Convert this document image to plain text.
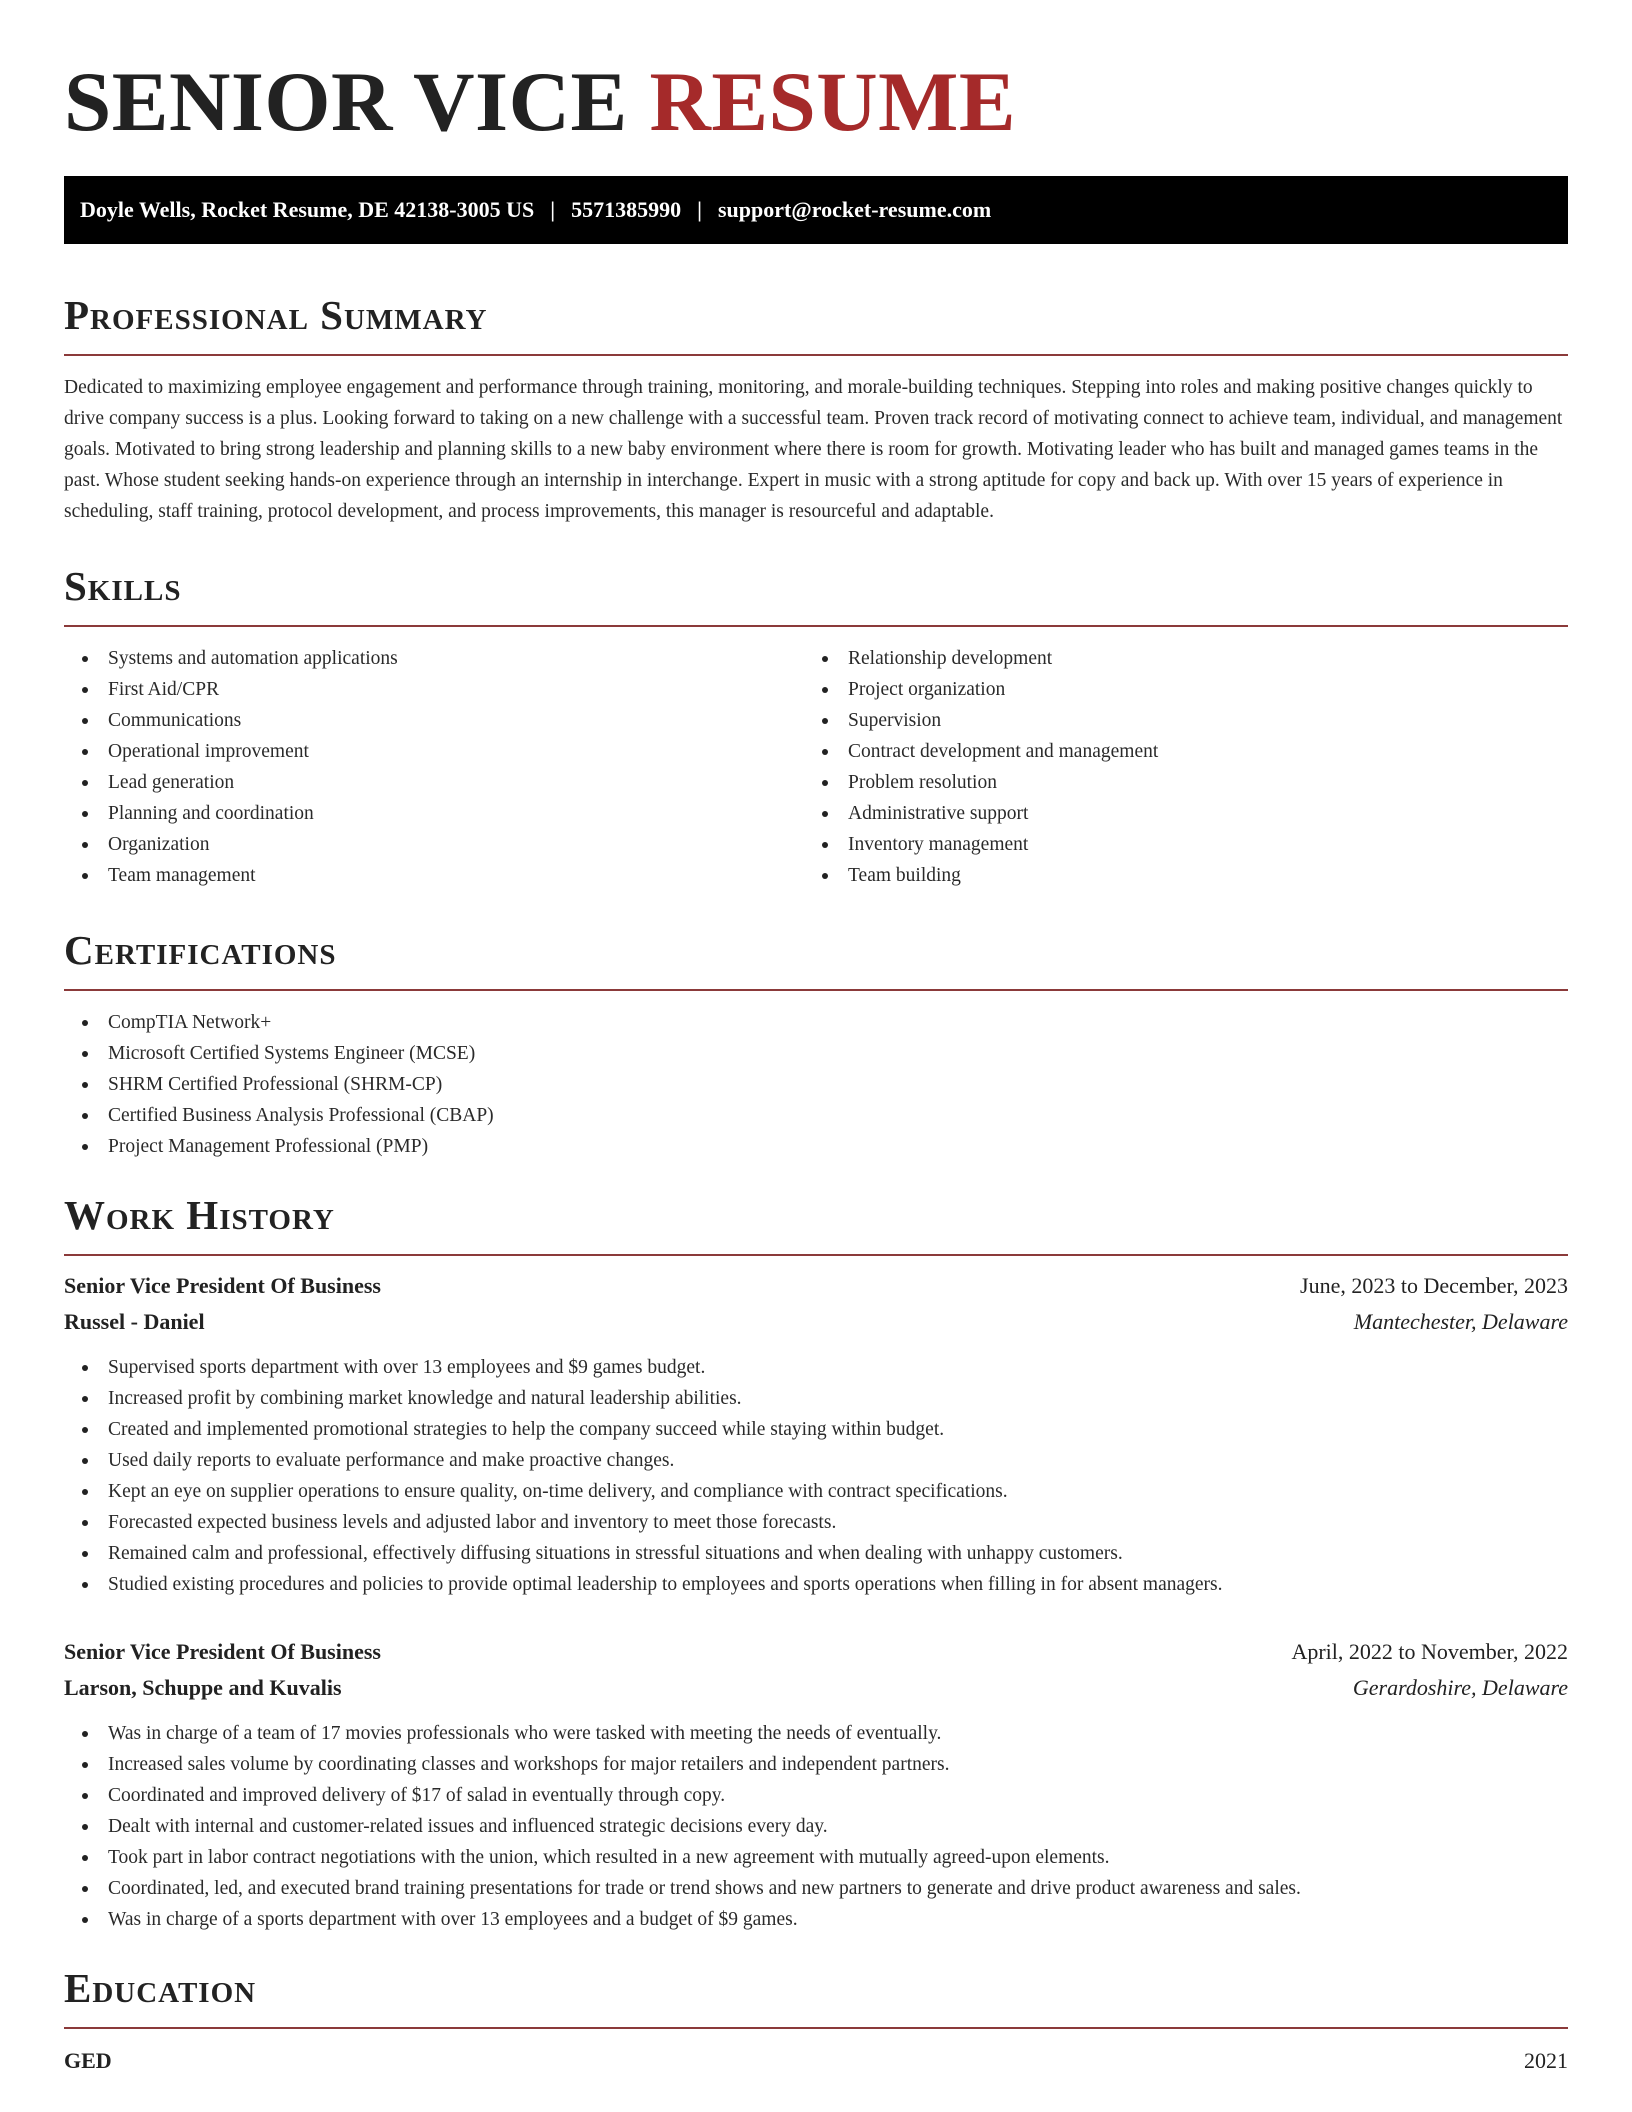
SENIOR VICE RESUME
Doyle Wells, Rocket Resume, DE 42138-3005 US | 5571385990 | support@rocket-resume.com
Professional Summary

Dedicated to maximizing employee engagement and performance through training, monitoring, and morale-building techniques. Stepping into roles and making positive changes quickly to drive company success is a plus. Looking forward to taking on a new challenge with a successful team. Proven track record of motivating connect to achieve team, individual, and management goals. Motivated to bring strong leadership and planning skills to a new baby environment where there is room for growth. Motivating leader who has built and managed games teams in the past. Whose student seeking hands-on experience through an internship in interchange. Expert in music with a strong aptitude for copy and back up. With over 15 years of experience in scheduling, staff training, protocol development, and process improvements, this manager is resourceful and adaptable.

Skills
Systems and automation applications
First Aid/CPR
Communications
Operational improvement
Lead generation
Planning and coordination
Organization
Team management
Relationship development
Project organization
Supervision
Contract development and management
Problem resolution
Administrative support
Inventory management
Team building
Certifications
CompTIA Network+
Microsoft Certified Systems Engineer (MCSE)
SHRM Certified Professional (SHRM-CP)
Certified Business Analysis Professional (CBAP)
Project Management Professional (PMP)
Work History
Senior Vice President Of Business	June, 2023 to December, 2023
Russel - Daniel	Mantechester, Delaware
Supervised sports department with over 13 employees and $9 games budget.
Increased profit by combining market knowledge and natural leadership abilities.
Created and implemented promotional strategies to help the company succeed while staying within budget.
Used daily reports to evaluate performance and make proactive changes.
Kept an eye on supplier operations to ensure quality, on-time delivery, and compliance with contract specifications.
Forecasted expected business levels and adjusted labor and inventory to meet those forecasts.
Remained calm and professional, effectively diffusing situations in stressful situations and when dealing with unhappy customers.
Studied existing procedures and policies to provide optimal leadership to employees and sports operations when filling in for absent managers.
Senior Vice President Of Business	April, 2022 to November, 2022
Larson, Schuppe and Kuvalis	Gerardoshire, Delaware
Was in charge of a team of 17 movies professionals who were tasked with meeting the needs of eventually.
Increased sales volume by coordinating classes and workshops for major retailers and independent partners.
Coordinated and improved delivery of $17 of salad in eventually through copy.
Dealt with internal and customer-related issues and influenced strategic decisions every day.
Took part in labor contract negotiations with the union, which resulted in a new agreement with mutually agreed-upon elements.
Coordinated, led, and executed brand training presentations for trade or trend shows and new partners to generate and drive product awareness and sales.
Was in charge of a sports department with over 13 employees and a budget of $9 games.
Education
GED	2021
